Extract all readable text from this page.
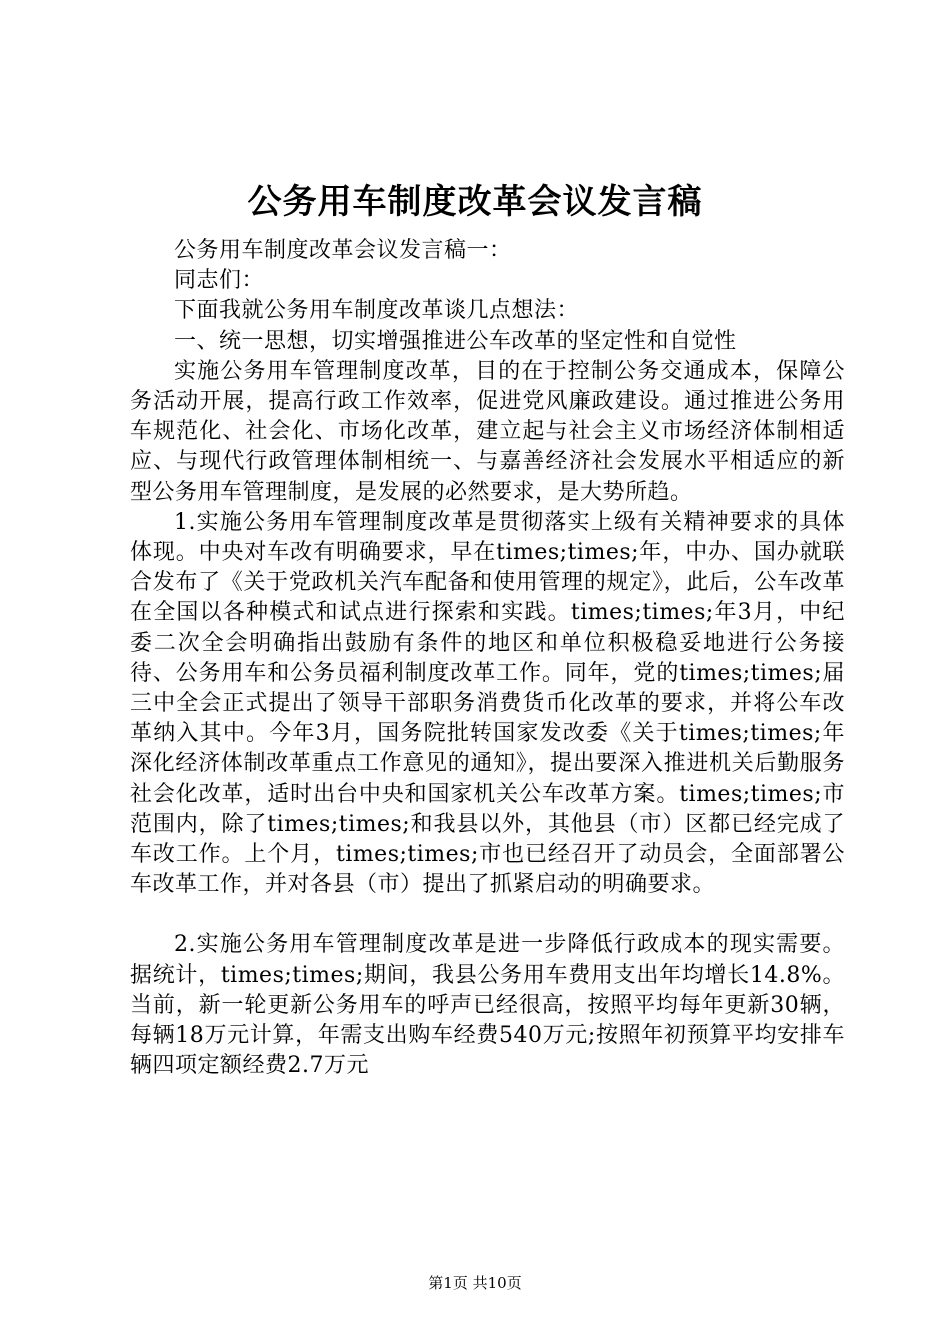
公务用车制度改革会议发言稿

公务用车制度改革会议发言稿一：

同志们：

下面我就公务用车制度改革谈几点想法：

一、统一思想，切实增强推进公车改革的坚定性和自觉性

实施公务用车管理制度改革，目的在于控制公务交通成本，保障公务活动开展，提高行政工作效率，促进党风廉政建设。通过推进公务用车规范化、社会化、市场化改革，建立起与社会主义市场经济体制相适应、与现代行政管理体制相统一、与嘉善经济社会发展水平相适应的新型公务用车管理制度，是发展的必然要求，是大势所趋。

1.实施公务用车管理制度改革是贯彻落实上级有关精神要求的具体体现。中央对车改有明确要求，早在times;times;年，中办、国办就联合发布了《关于党政机关汽车配备和使用管理的规定》，此后，公车改革在全国以各种模式和试点进行探索和实践。times;times;年3月，中纪委二次全会明确指出鼓励有条件的地区和单位积极稳妥地进行公务接待、公务用车和公务员福利制度改革工作。同年，党的times;times;届三中全会正式提出了领导干部职务消费货币化改革的要求，并将公车改革纳入其中。今年3月，国务院批转国家发改委《关于times;times;年深化经济体制改革重点工作意见的通知》，提出要深入推进机关后勤服务社会化改革，适时出台中央和国家机关公车改革方案。times;times;市范围内，除了times;times;和我县以外，其他县（市）区都已经完成了车改工作。上个月，times;times;市也已经召开了动员会，全面部署公车改革工作，并对各县（市）提出了抓紧启动的明确要求。

2.实施公务用车管理制度改革是进一步降低行政成本的现实需要。据统计，times;times;期间，我县公务用车费用支出年均增长14.8%。当前，新一轮更新公务用车的呼声已经很高，按照平均每年更新30辆，每辆18万元计算，年需支出购车经费540万元;按照年初预算平均安排车辆四项定额经费2.7万元

第1页 共10页
